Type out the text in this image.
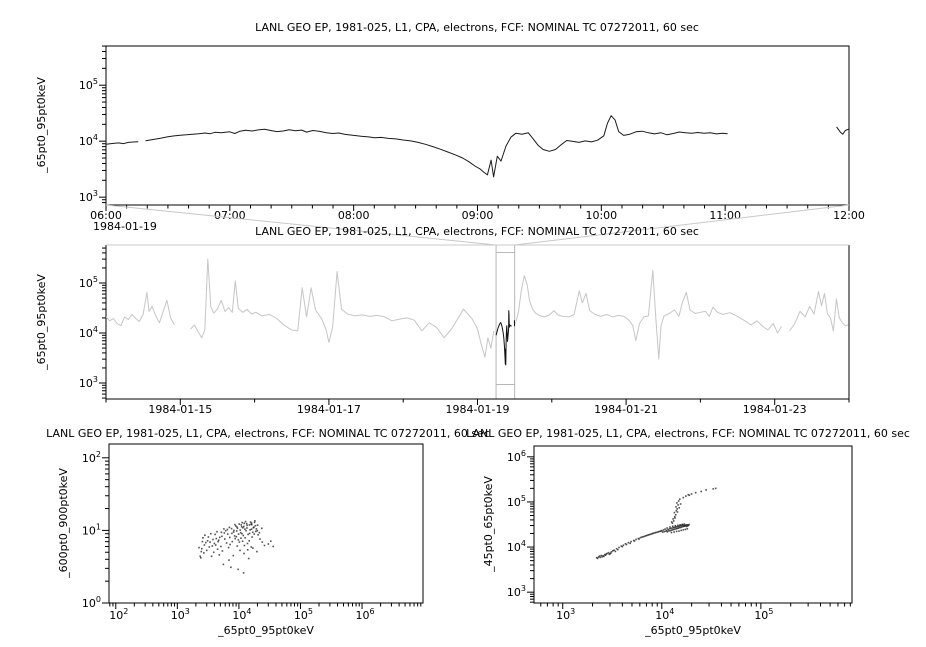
06:00	07:00	08:00	09:00	10:00	11:00	12:00
$10^3$
$10^4$
$10^5$
1984-01-15	1984-01-17	1984-01-19	1984-01-21	1984-01-23
$10^3$
$10^4$
$10^5$
$10^2$	$10^3$	$10^4$	$10^5$	$10^6$
$10^0$
$10^1$
$10^2$
$10^3$	$10^4$	$10^5$
$10^3$
$10^4$
$10^5$
$10^6$
LANL GEO EP, 1981-025, L1, CPA, electrons, FCF: NOMINAL TC 07272011, 60 sec
LANL GEO EP, 1981-025, L1, CPA, electrons, FCF: NOMINAL TC 07272011, 60 sec
LANL GEO EP, 1981-025, L1, CPA, electrons, FCF: NOMINAL TC 07272011, 60 sec
LANL GEO EP, 1981-025, L1, CPA, electrons, FCF: NOMINAL TC 07272011, 60 sec
1984-01-19
_65pt0_95pt0keV
_65pt0_95pt0keV
_600pt0_900pt0keV	_45pt0_65pt0keV
_65pt0_95pt0keV	_65pt0_95pt0keV
